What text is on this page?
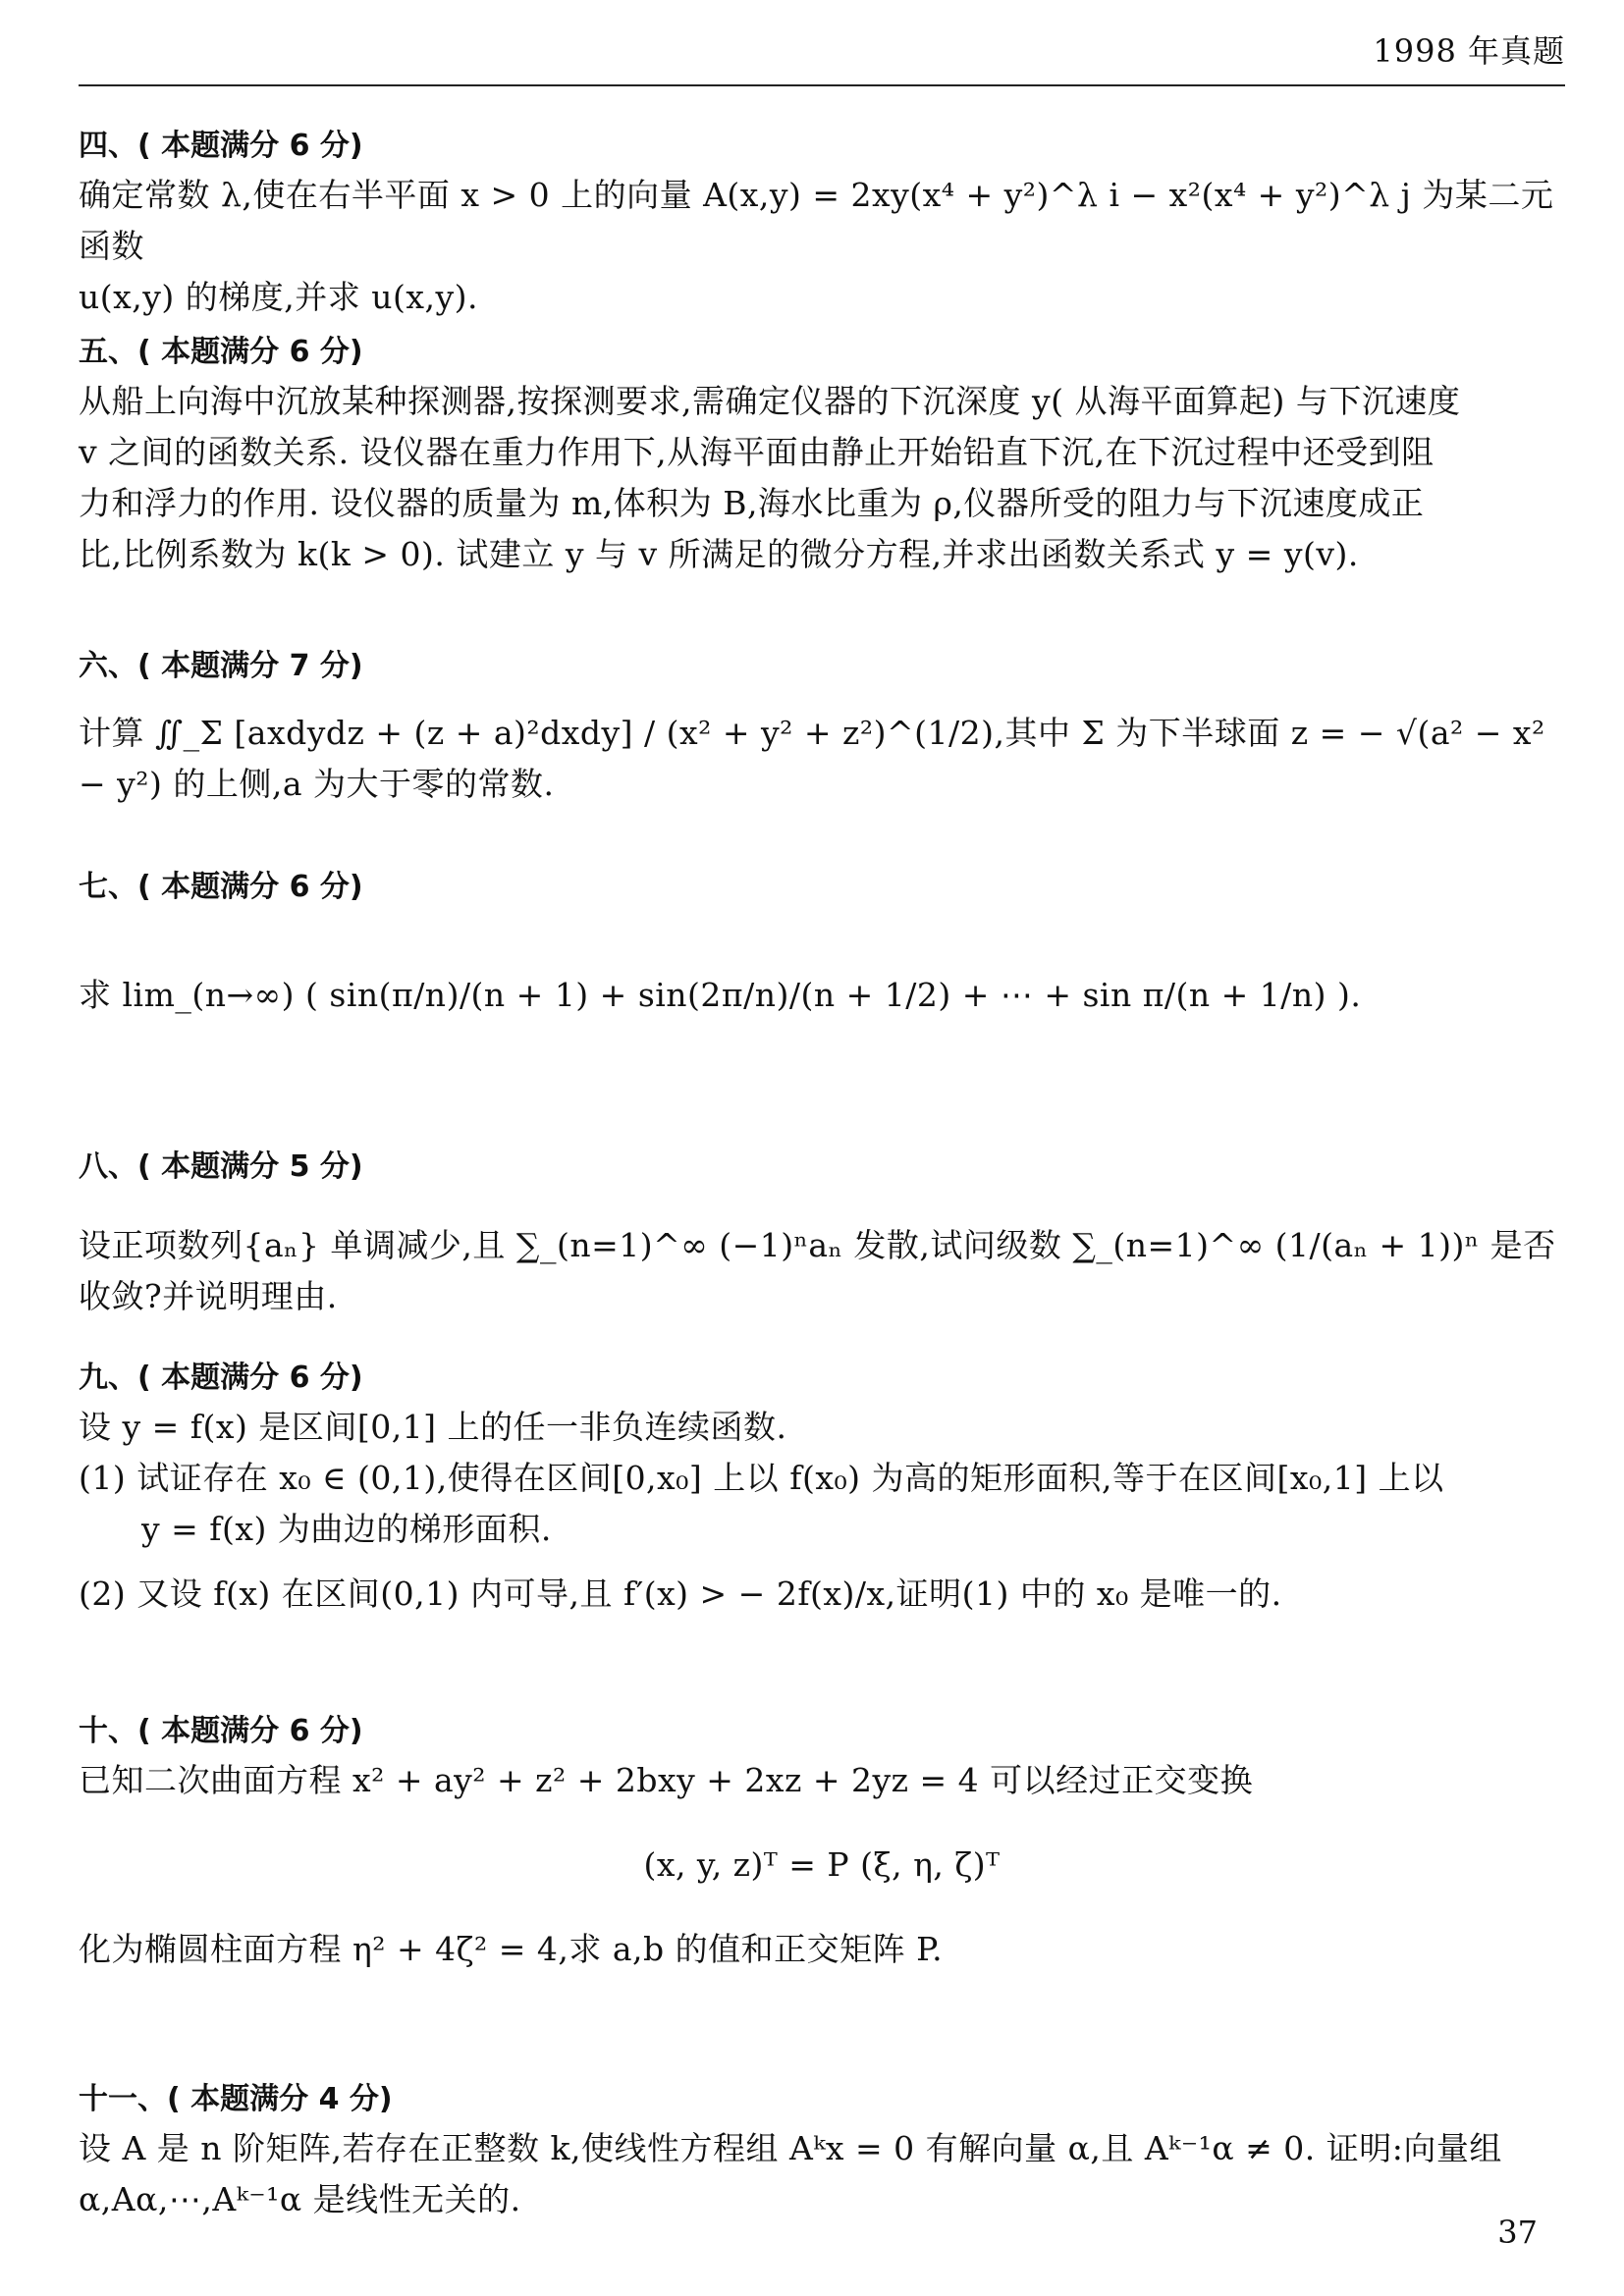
1998 年真题
四、( 本题满分 6 分)

确定常数 λ,使在右半平面 x > 0 上的向量 A(x,y) = 2xy(x⁴ + y²)^λ i − x²(x⁴ + y²)^λ j 为某二元函数

u(x,y) 的梯度,并求 u(x,y).

五、( 本题满分 6 分)

从船上向海中沉放某种探测器,按探测要求,需确定仪器的下沉深度 y( 从海平面算起) 与下沉速度

v 之间的函数关系. 设仪器在重力作用下,从海平面由静止开始铅直下沉,在下沉过程中还受到阻

力和浮力的作用. 设仪器的质量为 m,体积为 B,海水比重为 ρ,仪器所受的阻力与下沉速度成正

比,比例系数为 k(k > 0). 试建立 y 与 v 所满足的微分方程,并求出函数关系式 y = y(v).

六、( 本题满分 7 分)

计算 ∬_Σ [axdydz + (z + a)²dxdy] / (x² + y² + z²)^(1/2),其中 Σ 为下半球面 z = − √(a² − x² − y²) 的上侧,a 为大于零的常数.

七、( 本题满分 6 分)

求 lim_(n→∞) ( sin(π/n)/(n + 1) + sin(2π/n)/(n + 1/2) + ⋯ + sin π/(n + 1/n) ).

八、( 本题满分 5 分)

设正项数列{aₙ} 单调减少,且 ∑_(n=1)^∞ (−1)ⁿaₙ 发散,试问级数 ∑_(n=1)^∞ (1/(aₙ + 1))ⁿ 是否收敛?并说明理由.

九、( 本题满分 6 分)

设 y = f(x) 是区间[0,1] 上的任一非负连续函数.

(1) 试证存在 x₀ ∈ (0,1),使得在区间[0,x₀] 上以 f(x₀) 为高的矩形面积,等于在区间[x₀,1] 上以

y = f(x) 为曲边的梯形面积.

(2) 又设 f(x) 在区间(0,1) 内可导,且 f′(x) > − 2f(x)/x,证明(1) 中的 x₀ 是唯一的.

十、( 本题满分 6 分)

已知二次曲面方程 x² + ay² + z² + 2bxy + 2xz + 2yz = 4 可以经过正交变换

(x, y, z)ᵀ = P (ξ, η, ζ)ᵀ

化为椭圆柱面方程 η² + 4ζ² = 4,求 a,b 的值和正交矩阵 P.

十一、( 本题满分 4 分)

设 A 是 n 阶矩阵,若存在正整数 k,使线性方程组 Aᵏx = 0 有解向量 α,且 Aᵏ⁻¹α ≠ 0. 证明:向量组

α,Aα,⋯,Aᵏ⁻¹α 是线性无关的.

37
